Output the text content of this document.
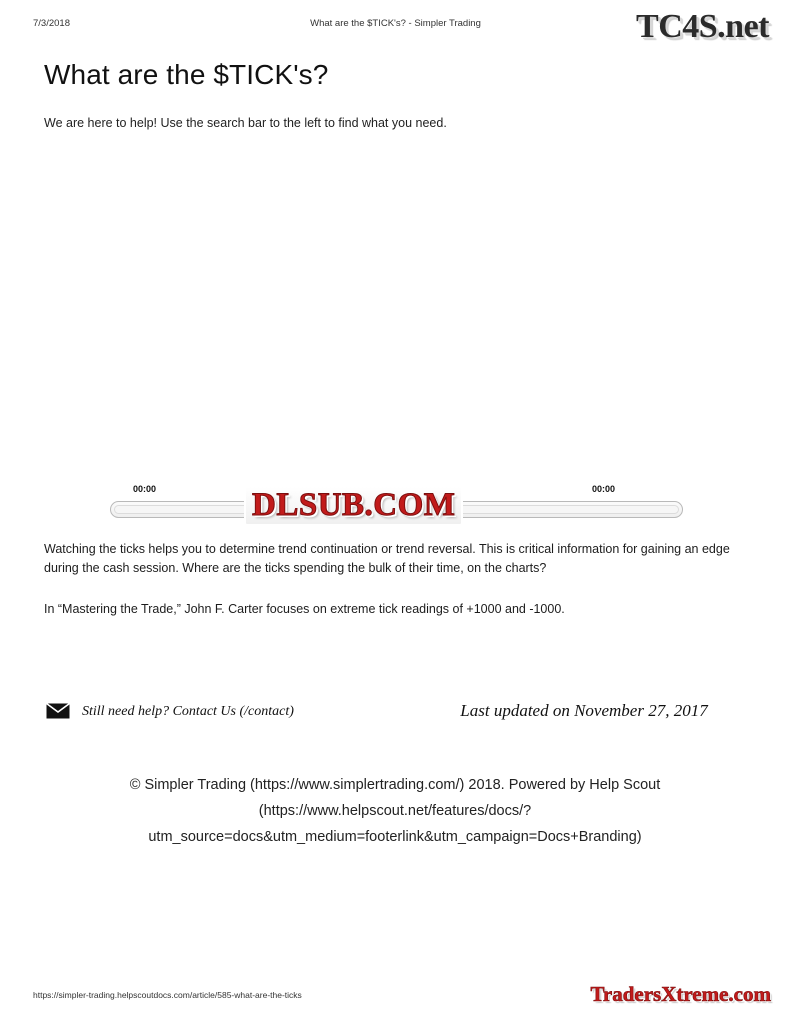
7/3/2018	What are the $TICK's? - Simpler Trading	TC4S.net
What are the $TICK's?

We are here to help! Use the search bar to the left to find what you need.

00:00	00:00
DLSUB.COM

Watching the ticks helps you to determine trend continuation or trend reversal. This is critical information for gaining an edge during the cash session. Where are the ticks spending the bulk of their time, on the charts?

In “Mastering the Trade,” John F. Carter focuses on extreme tick readings of +1000 and -1000.

Still need help? Contact Us (/contact)	Last updated on November 27, 2017
© Simpler Trading (https://www.simplertrading.com/) 2018. Powered by Help Scout
(https://www.helpscout.net/features/docs/?
utm_source=docs&utm_medium=footerlink&utm_campaign=Docs+Branding)
https://simpler-trading.helpscoutdocs.com/article/585-what-are-the-ticks	TradersXtreme.com
